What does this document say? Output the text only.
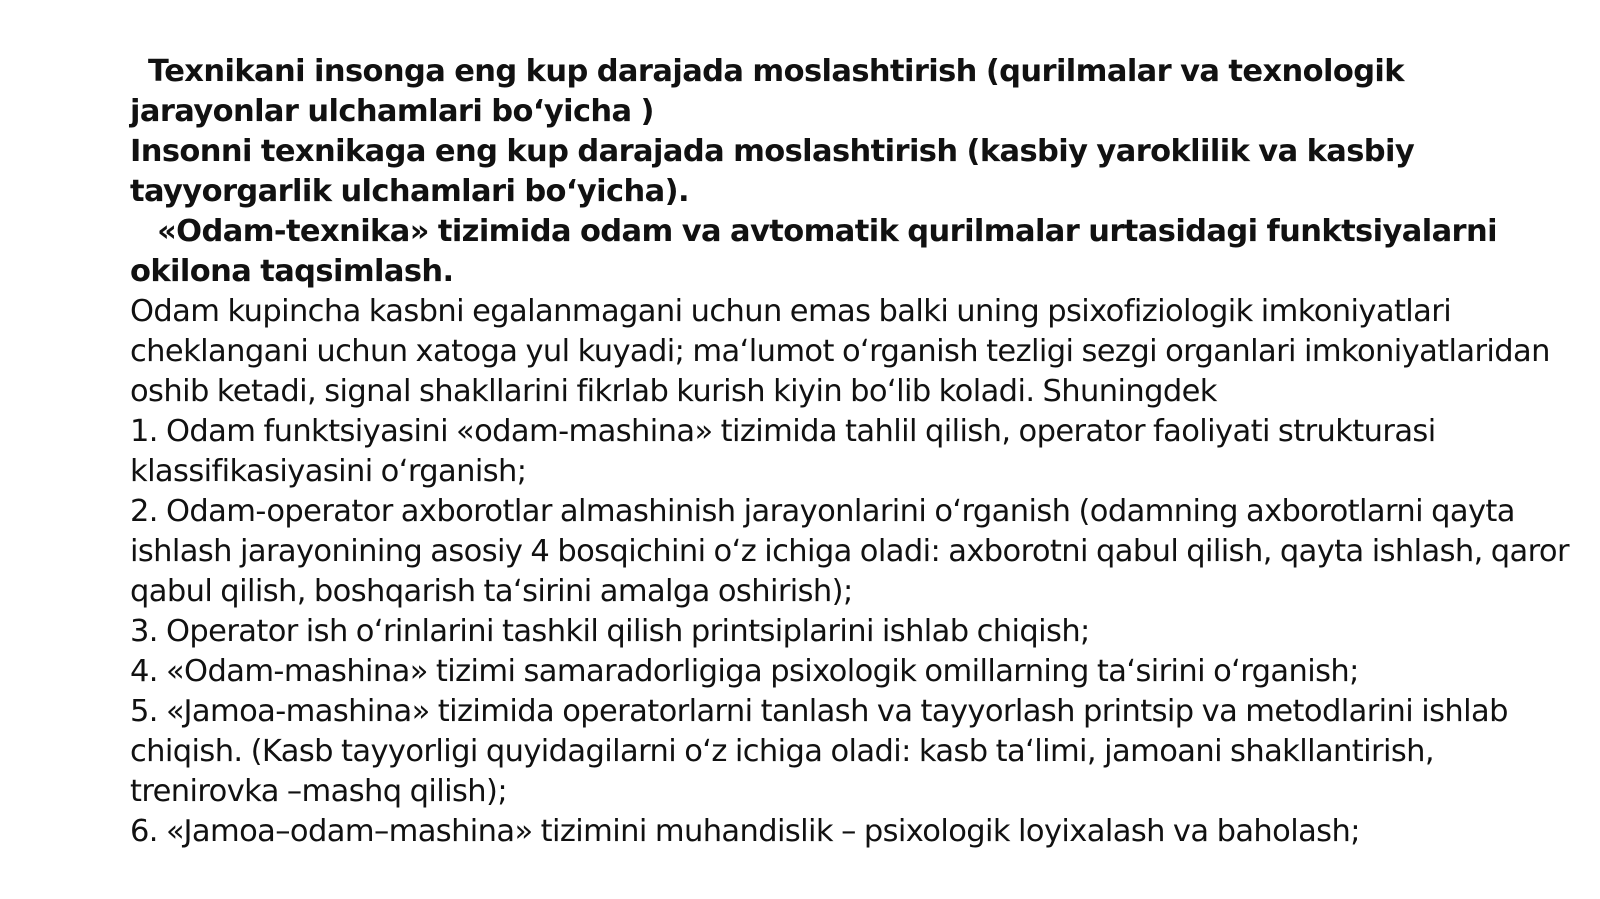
Texnikani insonga eng kup darajada moslashtirish (qurilmalar va texnologik jarayonlar ulchamlari bo‘yicha )

Insonni texnikaga eng kup darajada moslashtirish (kasbiy yaroklilik va kasbiy tayyorgarlik ulchamlari bo‘yicha).

«Odam-texnika» tizimida odam va avtomatik qurilmalar urtasidagi funktsiyalarni okilona taqsimlash.

Odam kupincha kasbni egalanmagani uchun emas balki uning psixofiziologik imkoniyatlari cheklangani uchun xatoga yul kuyadi; ma‘lumot o‘rganish tezligi sezgi organlari imkoniyatlaridan oshib ketadi, signal shakllarini fikrlab kurish kiyin bo‘lib koladi. Shuningdek

1. Odam funktsiyasini «odam-mashina» tizimida tahlil qilish, operator faoliyati strukturasi klassifikasiyasini o‘rganish;

2. Odam-operator axborotlar almashinish jarayonlarini o‘rganish (odamning axborotlarni qayta ishlash jarayonining asosiy 4 bosqichini o‘z ichiga oladi: axborotni qabul qilish, qayta ishlash, qaror qabul qilish, boshqarish ta‘sirini amalga oshirish);

3. Operator ish o‘rinlarini tashkil qilish printsiplarini ishlab chiqish;

4. «Odam-mashina» tizimi samaradorligiga psixologik omillarning ta‘sirini o‘rganish;

5. «Jamoa-mashina» tizimida operatorlarni tanlash va tayyorlash printsip va metodlarini ishlab chiqish. (Kasb tayyorligi quyidagilarni o‘z ichiga oladi: kasb ta‘limi, jamoani shakllantirish, trenirovka –mashq qilish);

6. «Jamoa–odam–mashina» tizimini muhandislik – psixologik loyixalash va baholash;
